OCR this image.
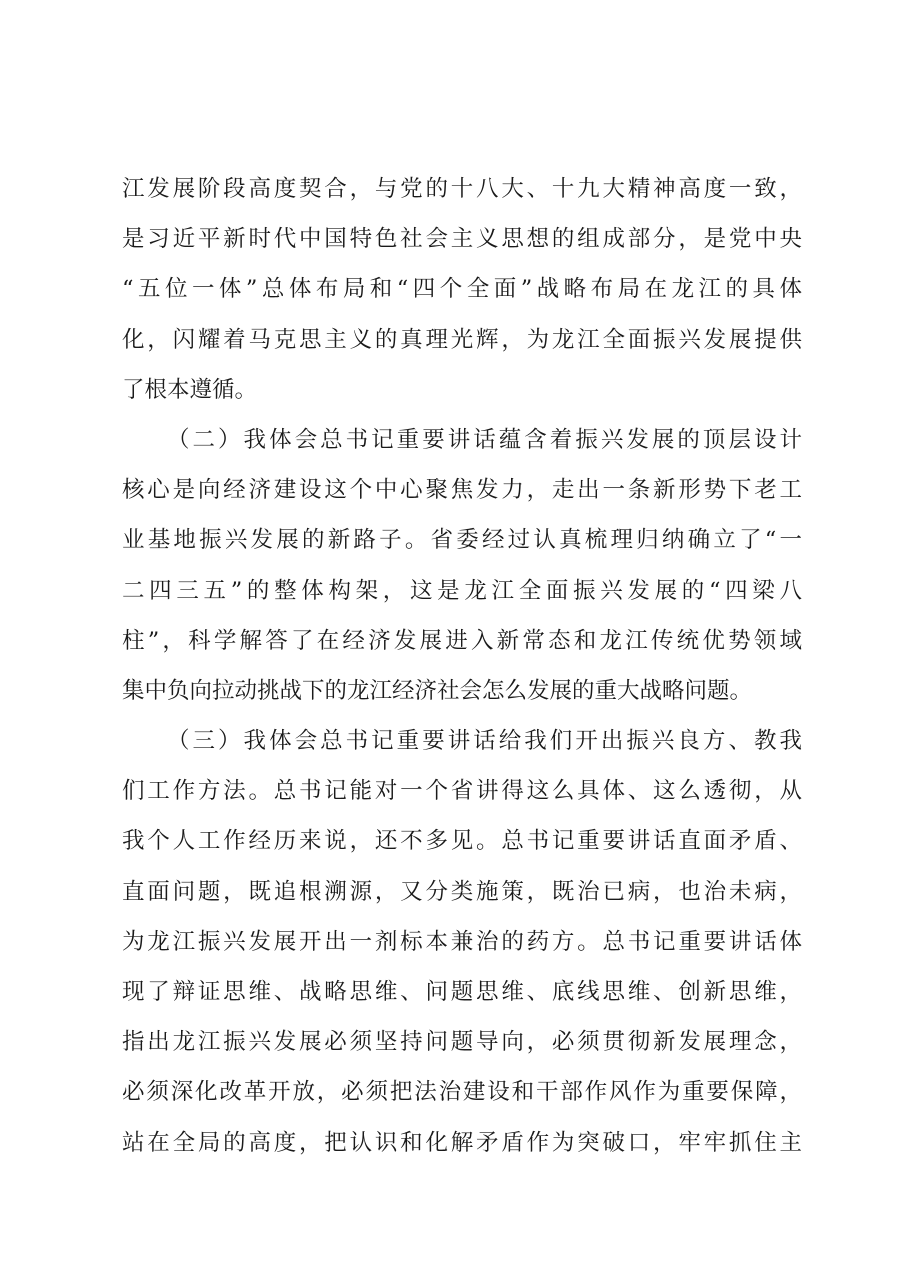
江发展阶段高度契合，与党的十八大、十九大精神高度一致，
是习近平新时代中国特色社会主义思想的组成部分，是党中央
“五位一体”总体布局和“四个全面”战略布局在龙江的具体
化，闪耀着马克思主义的真理光辉，为龙江全面振兴发展提供
了根本遵循。
（二）我体会总书记重要讲话蕴含着振兴发展的顶层设计
核心是向经济建设这个中心聚焦发力，走出一条新形势下老工
业基地振兴发展的新路子。省委经过认真梳理归纳确立了“一
二四三五”的整体构架，这是龙江全面振兴发展的“四梁八
柱”，科学解答了在经济发展进入新常态和龙江传统优势领域
集中负向拉动挑战下的龙江经济社会怎么发展的重大战略问题。
（三）我体会总书记重要讲话给我们开出振兴良方、教我
们工作方法。总书记能对一个省讲得这么具体、这么透彻，从
我个人工作经历来说，还不多见。总书记重要讲话直面矛盾、
直面问题，既追根溯源，又分类施策，既治已病，也治未病，
为龙江振兴发展开出一剂标本兼治的药方。总书记重要讲话体
现了辩证思维、战略思维、问题思维、底线思维、创新思维，
指出龙江振兴发展必须坚持问题导向，必须贯彻新发展理念，
必须深化改革开放，必须把法治建设和干部作风作为重要保障，
站在全局的高度，把认识和化解矛盾作为突破口，牢牢抓住主
